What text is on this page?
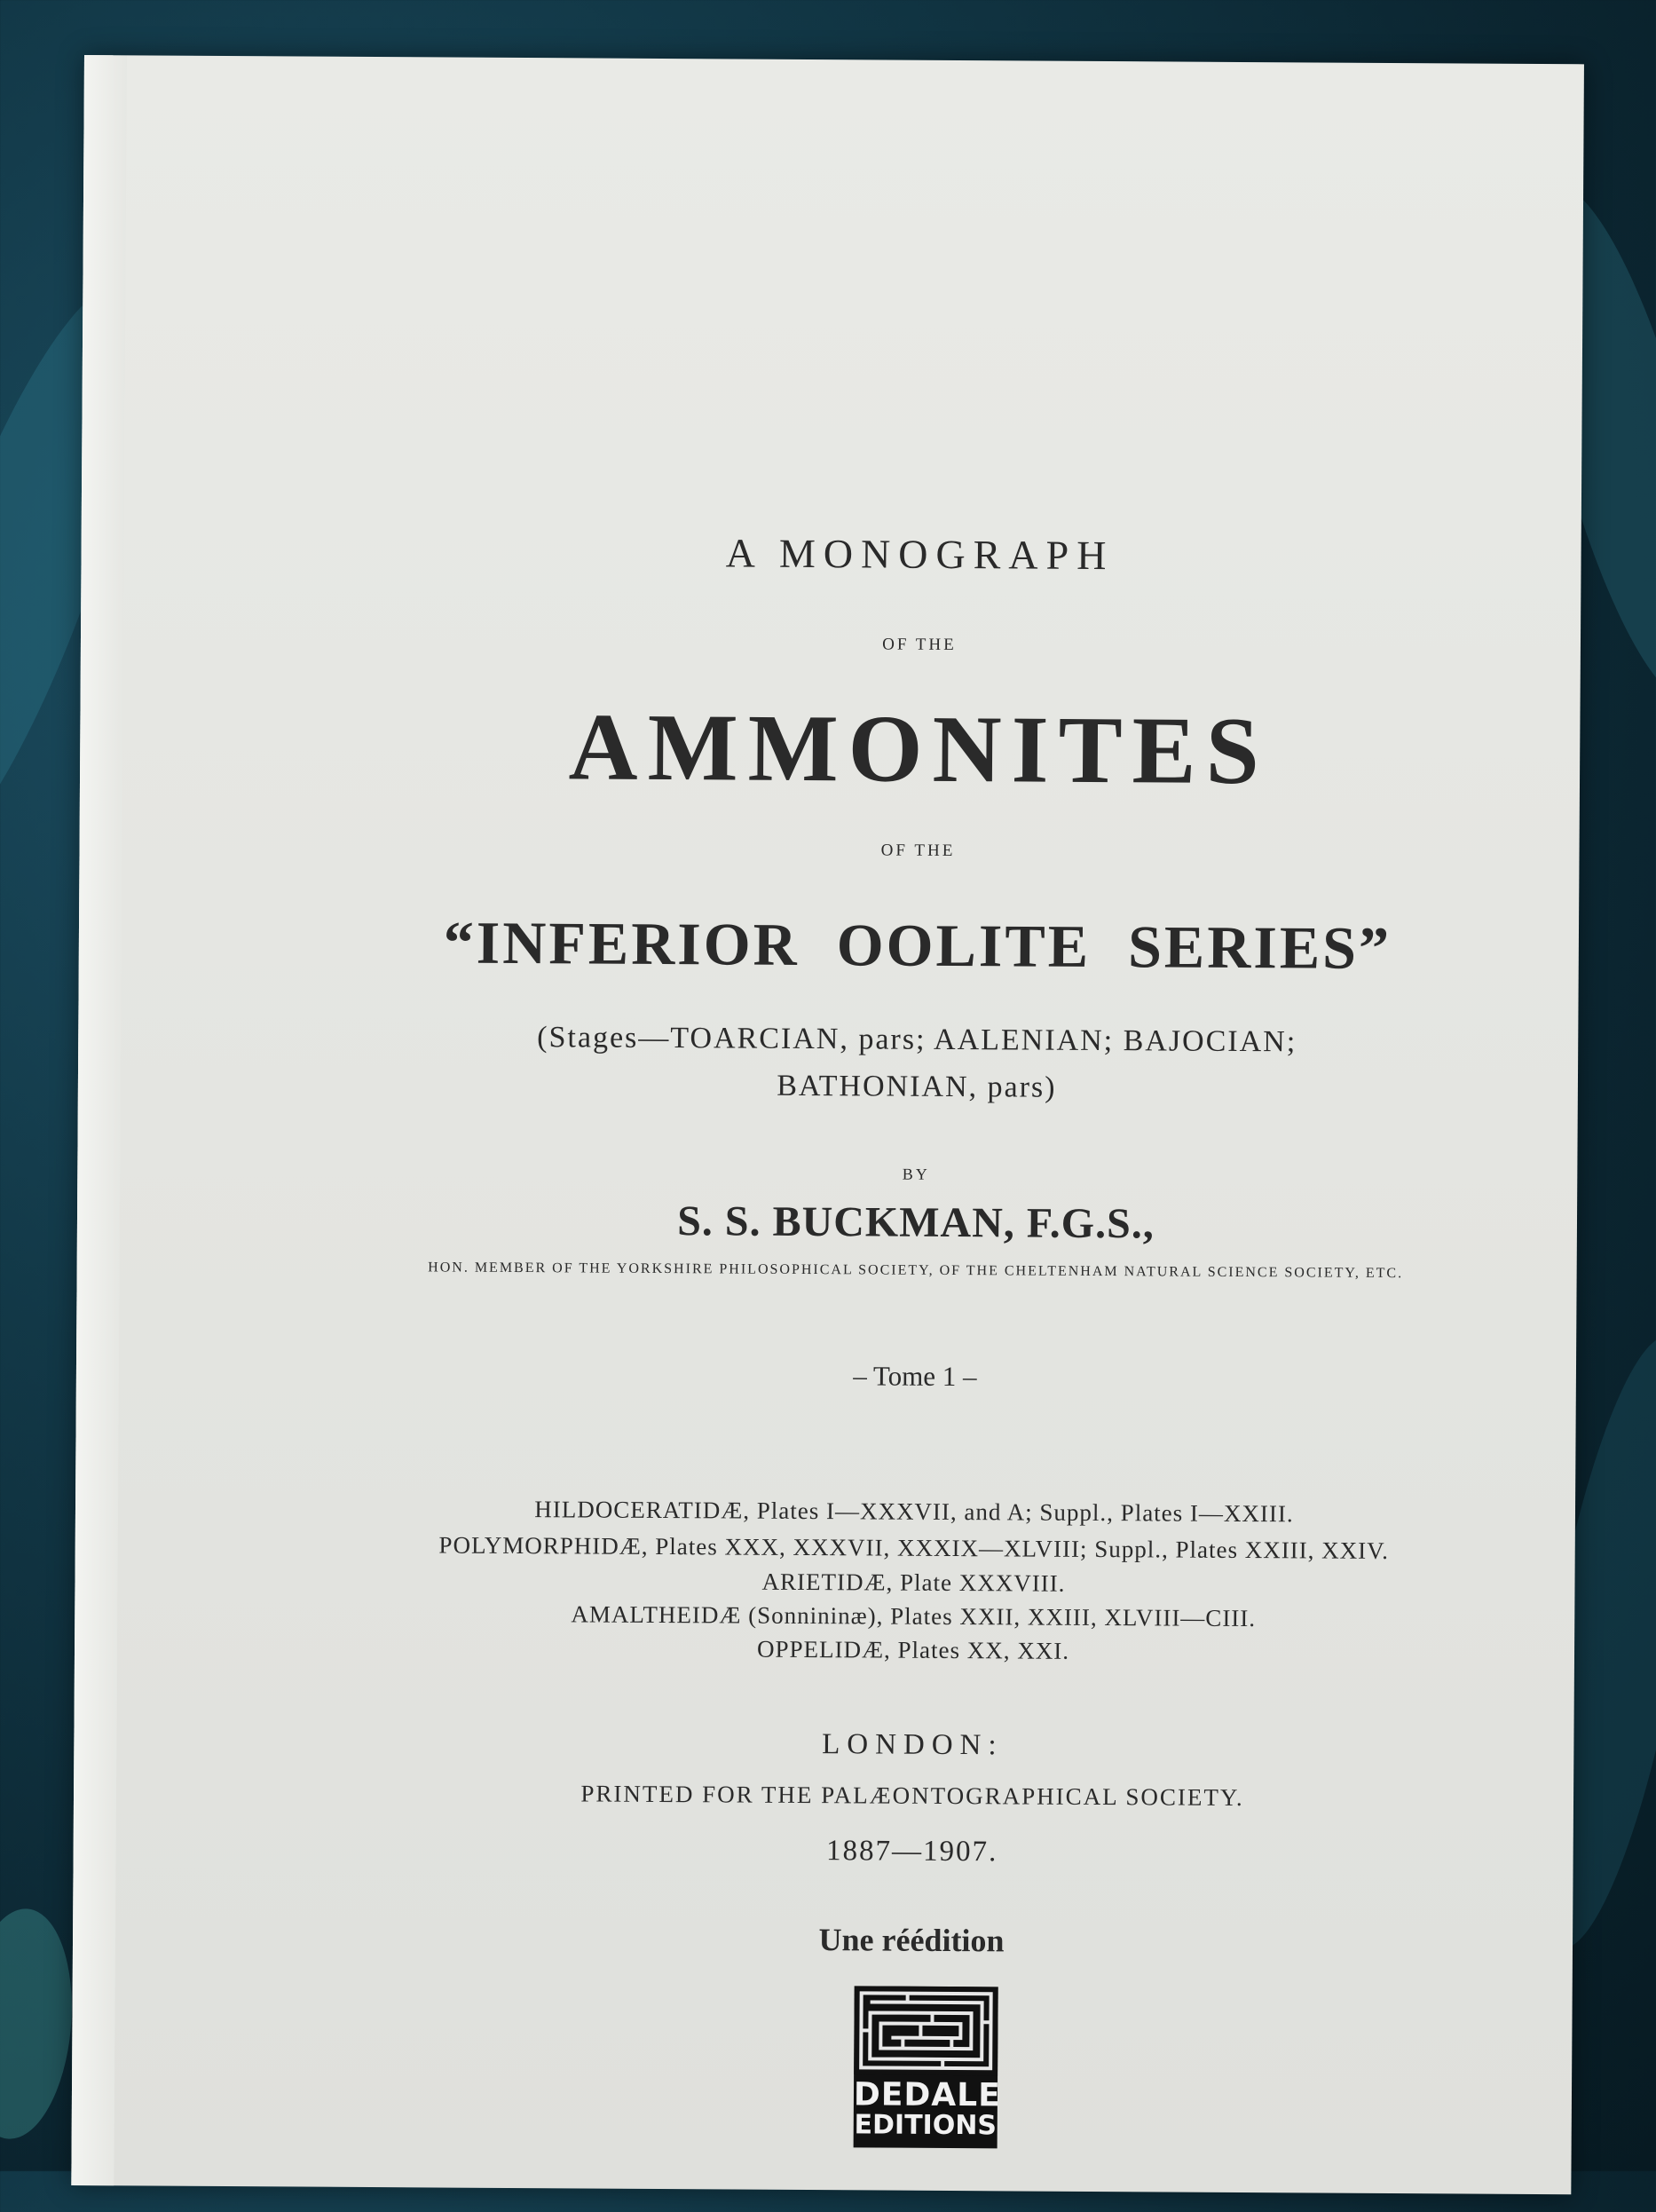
A MONOGRAPH
OF THE
AMMONITES
OF THE
“INFERIOR OOLITE SERIES”
(Stages—TOARCIAN, pars; AALENIAN; BAJOCIAN;
BATHONIAN, pars)
BY
S. S. BUCKMAN, F.G.S.,
HON. MEMBER OF THE YORKSHIRE PHILOSOPHICAL SOCIETY, OF THE CHELTENHAM NATURAL SCIENCE SOCIETY, ETC.
– Tome 1 –
HILDOCERATIDÆ, Plates I—XXXVII, and A; Suppl., Plates I—XXIII.
POLYMORPHIDÆ, Plates XXX, XXXVII, XXXIX—XLVIII; Suppl., Plates XXIII, XXIV.
ARIETIDÆ, Plate XXXVIII.
AMALTHEIDÆ (Sonnininæ), Plates XXII, XXIII, XLVIII—CIII.
OPPELIDÆ, Plates XX, XXI.
LONDON:
PRINTED FOR THE PALÆONTOGRAPHICAL SOCIETY.
1887—1907.
Une réédition
DEDALE
EDITIONS
